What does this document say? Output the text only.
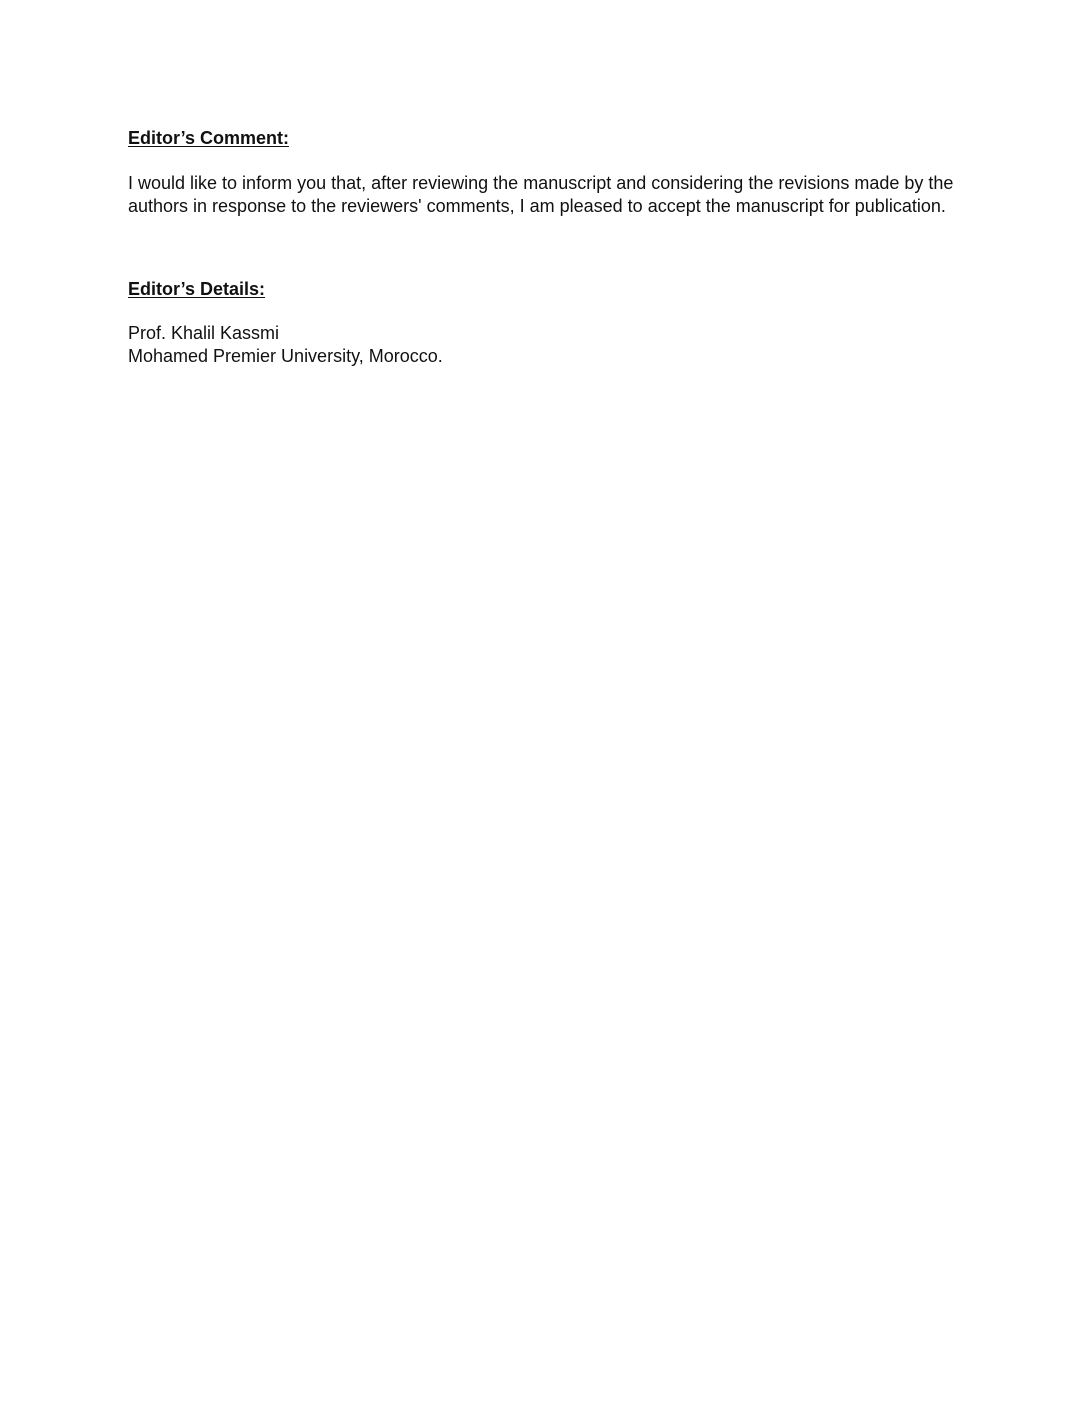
Editor’s Comment:

I would like to inform you that, after reviewing the manuscript and considering the revisions made by the
authors in response to the reviewers' comments, I am pleased to accept the manuscript for publication.

Editor’s Details:

Prof. Khalil Kassmi
Mohamed Premier University, Morocco.
